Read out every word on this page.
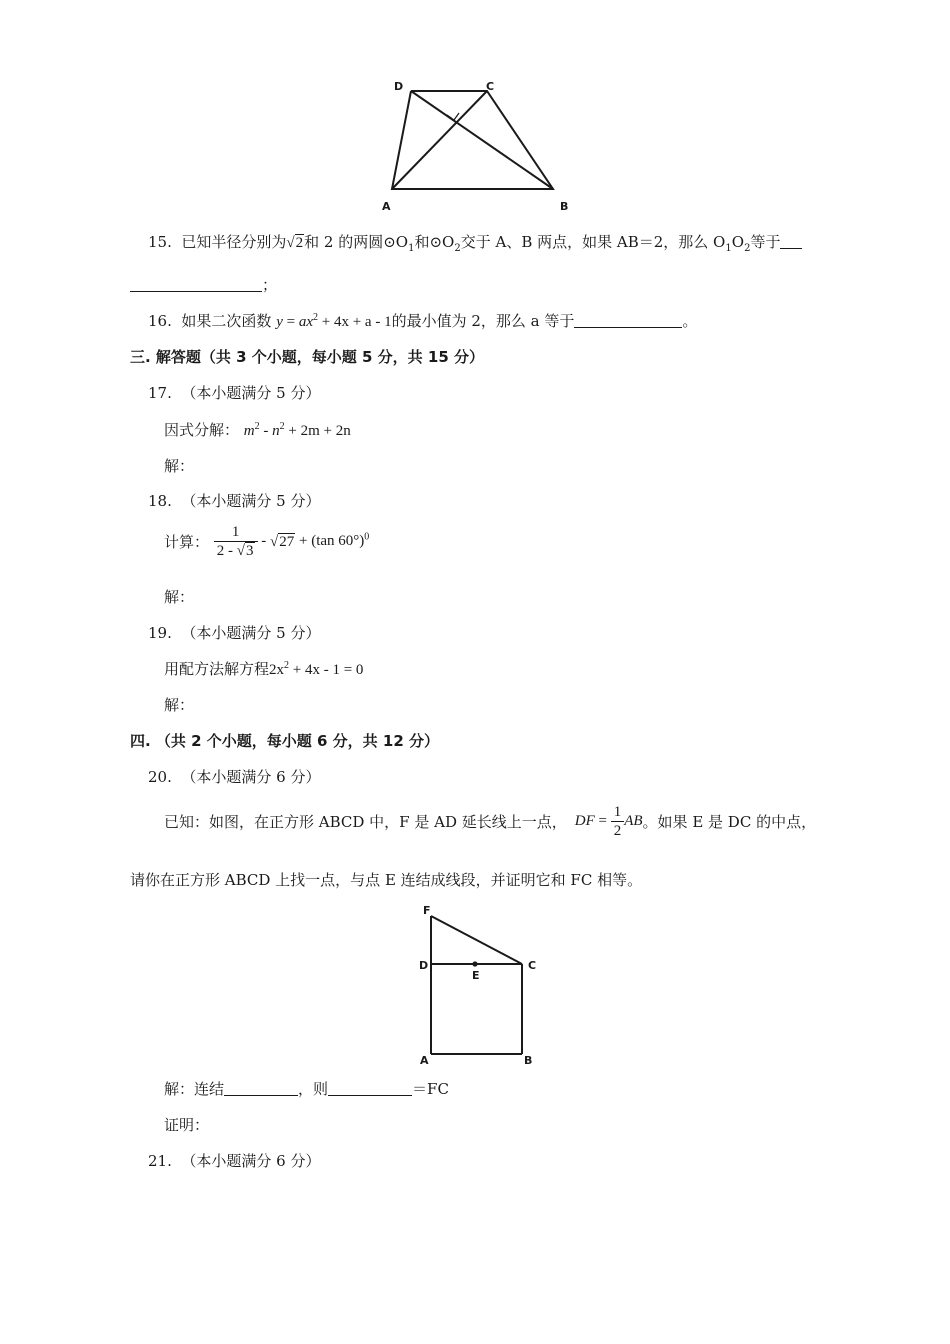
D	C
A	B
15. 已知半径分别为√2和 2 的两圆$⊙O_1$和$⊙O_2$交于 A、B 两点，如果 AB＝2，那么 $O_1O_2$等于
；
16. 如果二次函数 $y = ax^2 + 4x + a - 1$的最小值为 2，那么 a 等于	。
三. 解答题（共 3 个小题，每小题 5 分，共 15 分）
17. （本小题满分 5 分）
因式分解： $m^2 - n^2 + 2m + 2n$
解：
18. （本小题满分 5 分）
计算： $\frac{1}{2 - √3} - √27 + (\tan$ 60°)$^0$
解：
19. （本小题满分 5 分）
用配方法解方程$2x^2 + 4x - 1 = 0$
解：
四. （共 2 个小题，每小题 6 分，共 12 分）
20. （本小题满分 6 分）
已知：如图，在正方形 ABCD 中，F 是 AD 延长线上一点， DF = $\frac{1}{2}$ AB。如果 E 是 DC 的中点，
请你在正方形 ABCD 上找一点，与点 E 连结成线段，并证明它和 FC 相等。
F
D
E
C
A	B
解：连结	，则	＝FC
证明：
21. （本小题满分 6 分）
